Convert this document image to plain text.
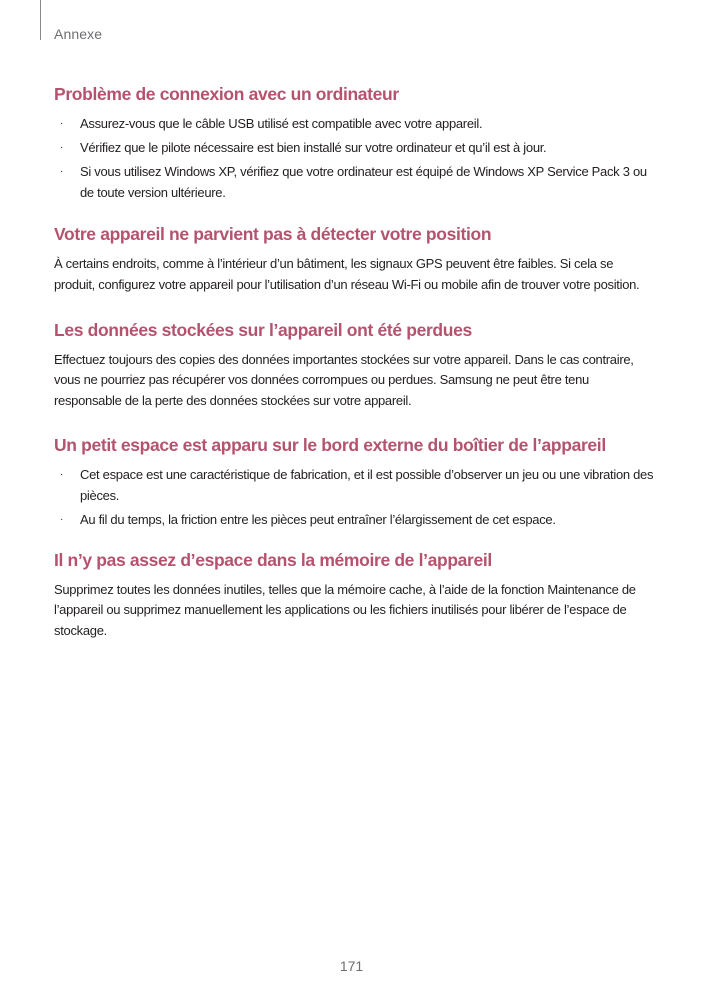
Annexe
Problème de connexion avec un ordinateur
· Assurez-vous que le câble USB utilisé est compatible avec votre appareil.
· Vérifiez que le pilote nécessaire est bien installé sur votre ordinateur et qu’il est à jour.
· Si vous utilisez Windows XP, vérifiez que votre ordinateur est équipé de Windows XP Service Pack 3 ou de toute version ultérieure.
Votre appareil ne parvient pas à détecter votre position

À certains endroits, comme à l’intérieur d’un bâtiment, les signaux GPS peuvent être faibles. Si cela se produit, configurez votre appareil pour l’utilisation d’un réseau Wi-Fi ou mobile afin de trouver votre position.

Les données stockées sur l’appareil ont été perdues

Effectuez toujours des copies des données importantes stockées sur votre appareil. Dans le cas contraire, vous ne pourriez pas récupérer vos données corrompues ou perdues. Samsung ne peut être tenu responsable de la perte des données stockées sur votre appareil.

Un petit espace est apparu sur le bord externe du boîtier de l’appareil
· Cet espace est une caractéristique de fabrication, et il est possible d’observer un jeu ou une vibration des pièces.
· Au fil du temps, la friction entre les pièces peut entraîner l’élargissement de cet espace.
Il n’y pas assez d’espace dans la mémoire de l’appareil

Supprimez toutes les données inutiles, telles que la mémoire cache, à l’aide de la fonction Maintenance de l’appareil ou supprimez manuellement les applications ou les fichiers inutilisés pour libérer de l’espace de stockage.

171
